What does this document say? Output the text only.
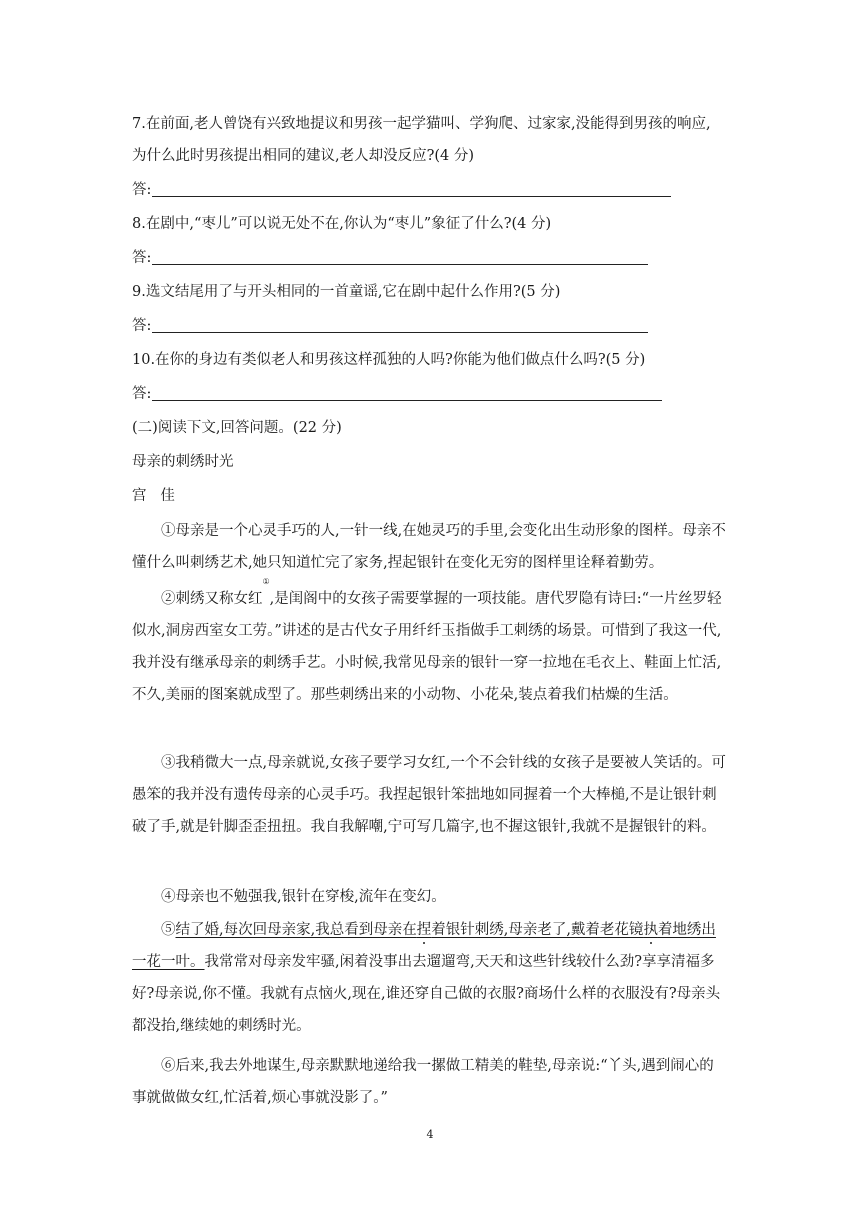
7.在前面,老人曾饶有兴致地提议和男孩一起学猫叫、学狗爬、过家家,没能得到男孩的响应,
为什么此时男孩提出相同的建议,老人却没反应?(4 分)
答:
8.在剧中,“枣儿”可以说无处不在,你认为“枣儿”象征了什么?(4 分)
答:
9.选文结尾用了与开头相同的一首童谣,它在剧中起什么作用?(5 分)
答:
10.在你的身边有类似老人和男孩这样孤独的人吗?你能为他们做点什么吗?(5 分)
答:
(二)阅读下文,回答问题。(22 分)
母亲的刺绣时光
宫   佳
①母亲是一个心灵手巧的人,一针一线,在她灵巧的手里,会变化出生动形象的图样。母亲不懂什么叫刺绣艺术,她只知道忙完了家务,捏起银针在变化无穷的图样里诠释着勤劳。
②刺绣又称女红①,是闺阁中的女孩子需要掌握的一项技能。唐代罗隐有诗曰:“一片丝罗轻似水,洞房西室女工劳。”讲述的是古代女子用纤纤玉指做手工刺绣的场景。可惜到了我这一代,我并没有继承母亲的刺绣手艺。小时候,我常见母亲的银针一穿一拉地在毛衣上、鞋面上忙活,不久,美丽的图案就成型了。那些刺绣出来的小动物、小花朵,装点着我们枯燥的生活。
③我稍微大一点,母亲就说,女孩子要学习女红,一个不会针线的女孩子是要被人笑话的。可愚笨的我并没有遗传母亲的心灵手巧。我捏起银针笨拙地如同握着一个大棒槌,不是让银针刺破了手,就是针脚歪歪扭扭。我自我解嘲,宁可写几篇字,也不握这银针,我就不是握银针的料。
④母亲也不勉强我,银针在穿梭,流年在变幻。
⑤结了婚,每次回母亲家,我总看到母亲在捏着银针刺绣,母亲老了,戴着老花镜执着地绣出一花一叶。我常常对母亲发牢骚,闲着没事出去遛遛弯,天天和这些针线较什么劲?享享清福多好?母亲说,你不懂。我就有点恼火,现在,谁还穿自己做的衣服?商场什么样的衣服没有?母亲头都没抬,继续她的刺绣时光。
⑥后来,我去外地谋生,母亲默默地递给我一摞做工精美的鞋垫,母亲说:“丫头,遇到闹心的事就做做女红,忙活着,烦心事就没影了。”
4
